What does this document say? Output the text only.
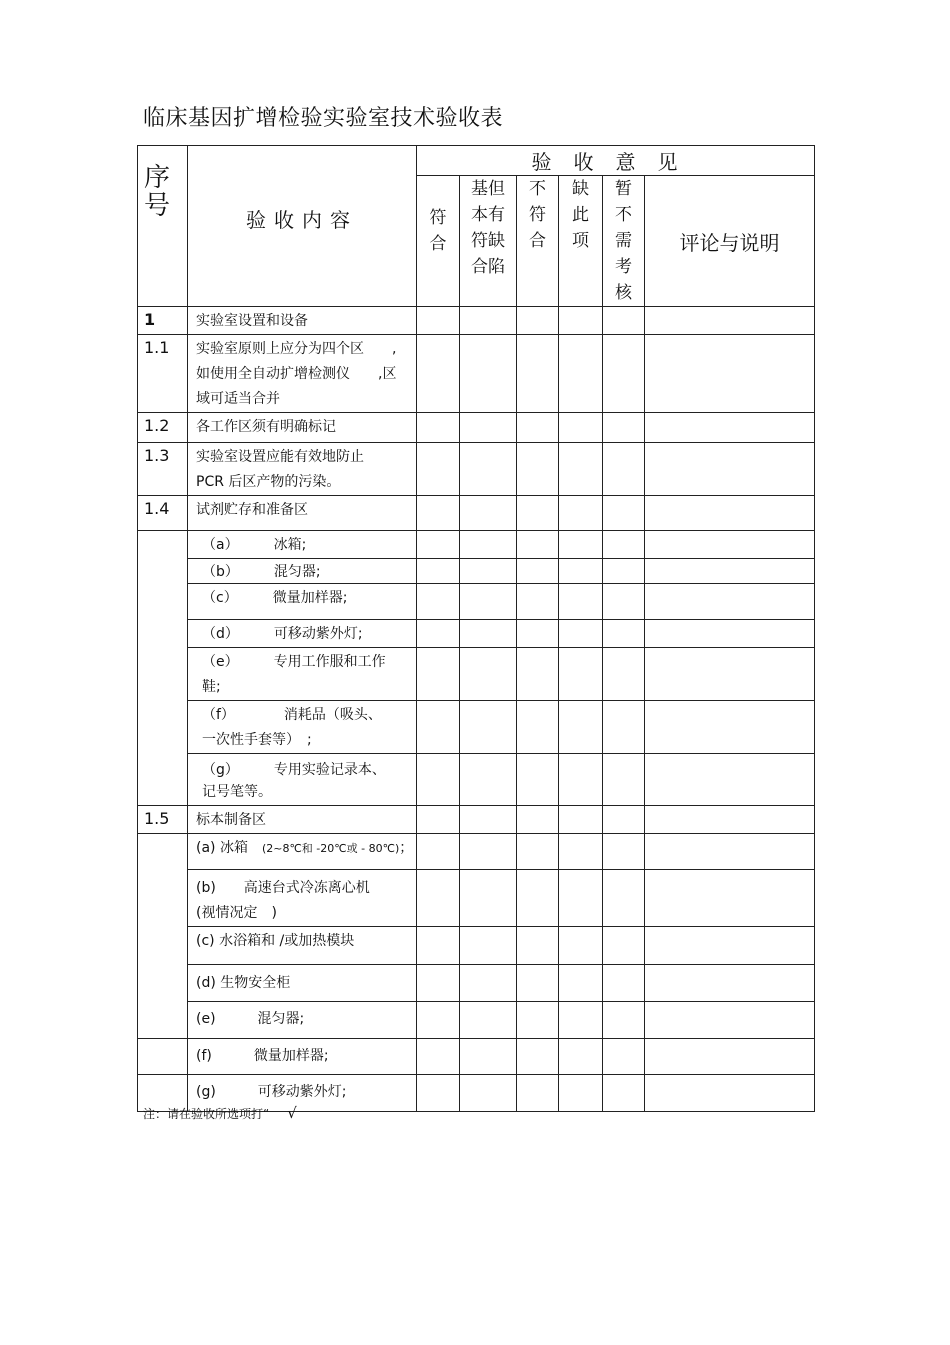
临床基因扩增检验实验室技术验收表
序号	验收内容	验收意见					

		符合	基但本有符缺合陷	不符合	缺此项	暂不需考核	评论与说明
1	实验室设置和设备						
1.1	实验室原则上应分为四个区　　,如使用全自动扩增检测仪　　,区域可适当合并						
1.2	各工作区须有明确标记						
1.3	实验室设置应能有效地防止PCR 后区产物的污染。						
1.4	试剂贮存和准备区						
	（a）　　　冰箱;						
	（b）　　　混匀器;						
	（c）　　　微量加样器;						
	（d）　　　可移动紫外灯;						
	（e）　　　专用工作服和工作　　　　鞋;						
	（f）　　　　消耗品（吸头、　　　　一次性手套等）　;						
	（g）　　　专用实验记录本、　　　　记号笔等。						
1.5	标本制备区						
	(a) 冰箱　 (2~8℃和 -20℃或 - 80℃)；						
	(b)　　高速台式冷冻离心机　　(视情况定　)						
	(c) 水浴箱和 /或加热模块						
	(d) 生物安全柜						
	(e)　　　混匀器;						
	(f)　　　微量加样器;						
	(g)　　　可移动紫外灯;						
注：请在验收所选项打“ √
